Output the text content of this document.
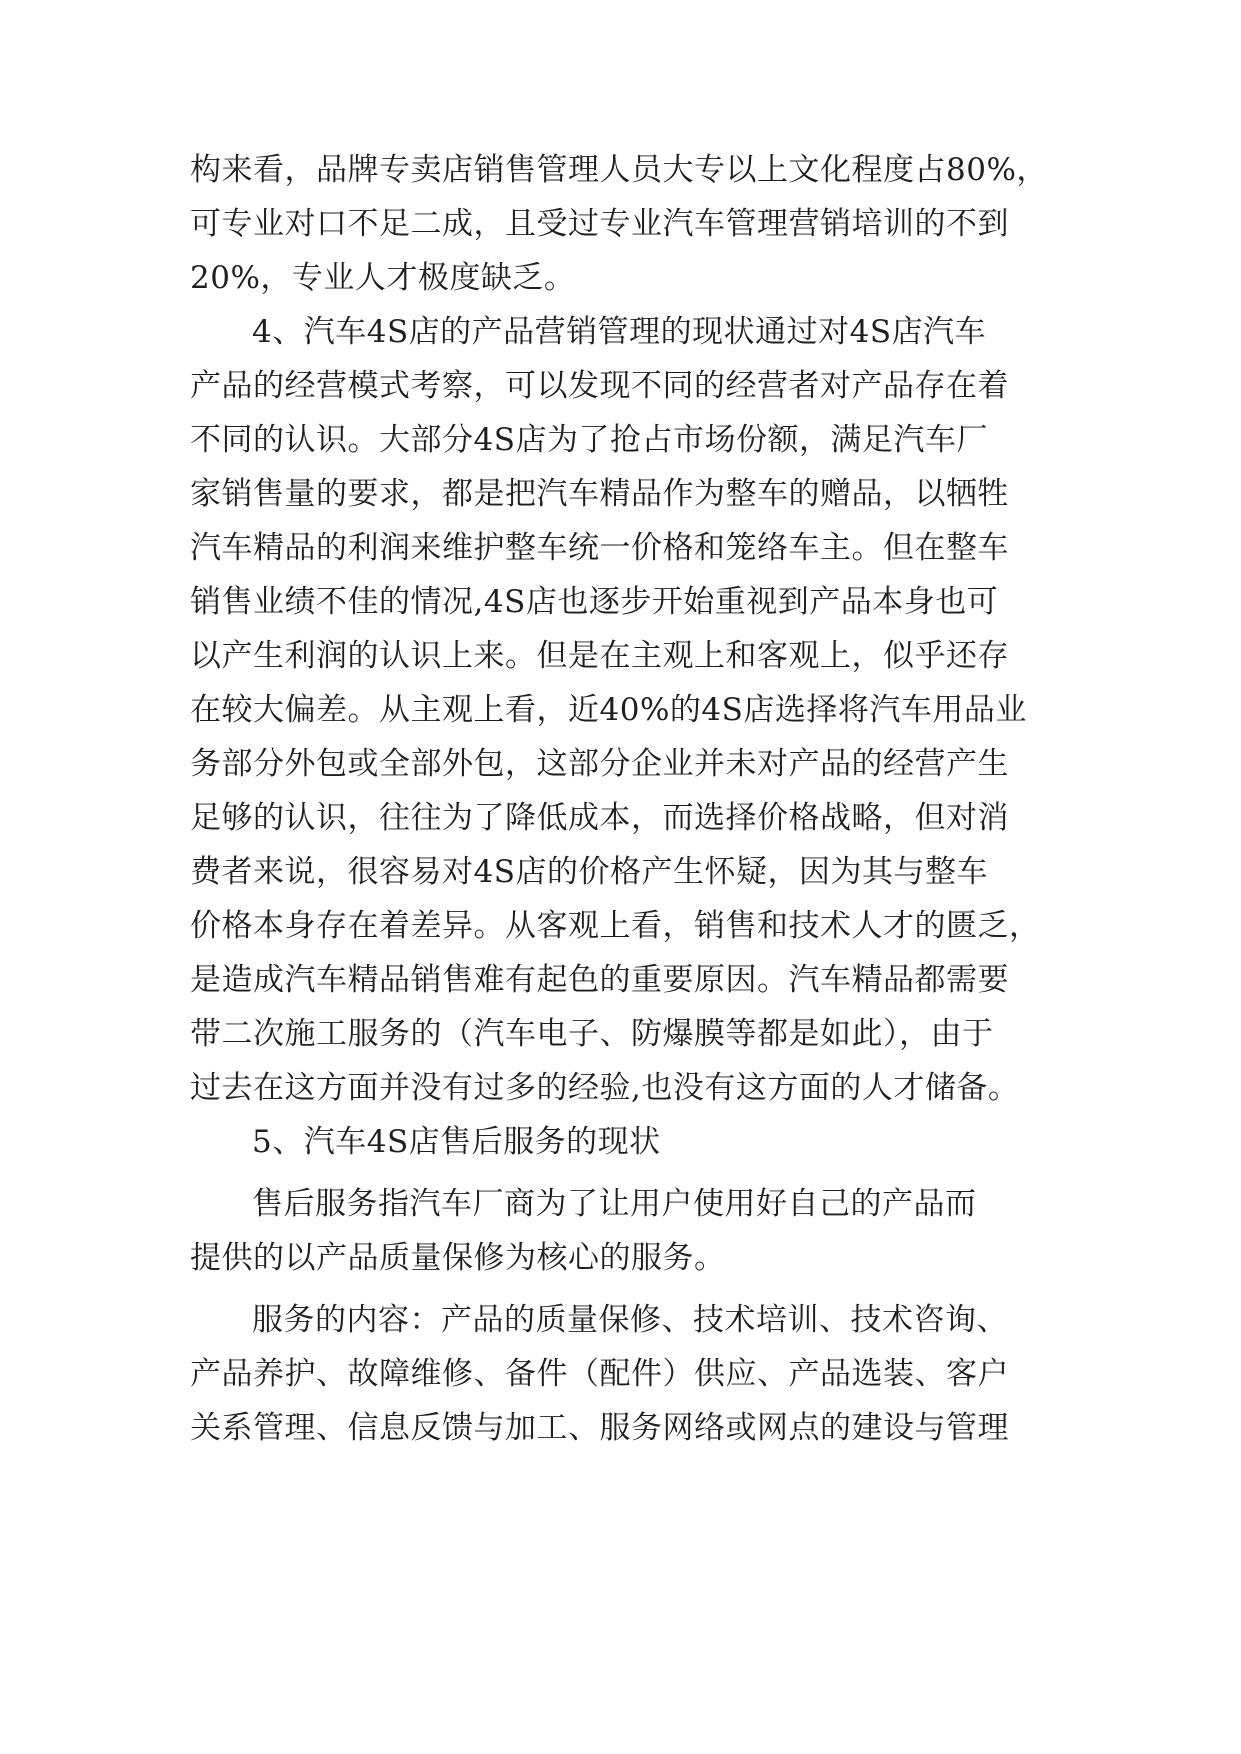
构来看，品牌专卖店销售管理人员大专以上文化程度占80%，

可专业对口不足二成，且受过专业汽车管理营销培训的不到

20%，专业人才极度缺乏。

4、汽车4S店的产品营销管理的现状通过对4S店汽车

产品的经营模式考察，可以发现不同的经营者对产品存在着

不同的认识。大部分4S店为了抢占市场份额，满足汽车厂

家销售量的要求，都是把汽车精品作为整车的赠品，以牺牲

汽车精品的利润来维护整车统一价格和笼络车主。但在整车

销售业绩不佳的情况,4S店也逐步开始重视到产品本身也可

以产生利润的认识上来。但是在主观上和客观上，似乎还存

在较大偏差。从主观上看，近40%的4S店选择将汽车用品业

务部分外包或全部外包，这部分企业并未对产品的经营产生

足够的认识，往往为了降低成本，而选择价格战略，但对消

费者来说，很容易对4S店的价格产生怀疑，因为其与整车

价格本身存在着差异。从客观上看，销售和技术人才的匮乏，

是造成汽车精品销售难有起色的重要原因。汽车精品都需要

带二次施工服务的（汽车电子、防爆膜等都是如此），由于

过去在这方面并没有过多的经验,也没有这方面的人才储备。

5、汽车4S店售后服务的现状

售后服务指汽车厂商为了让用户使用好自己的产品而

提供的以产品质量保修为核心的服务。

服务的内容：产品的质量保修、技术培训、技术咨询、

产品养护、故障维修、备件（配件）供应、产品选装、客户

关系管理、信息反馈与加工、服务网络或网点的建设与管理
